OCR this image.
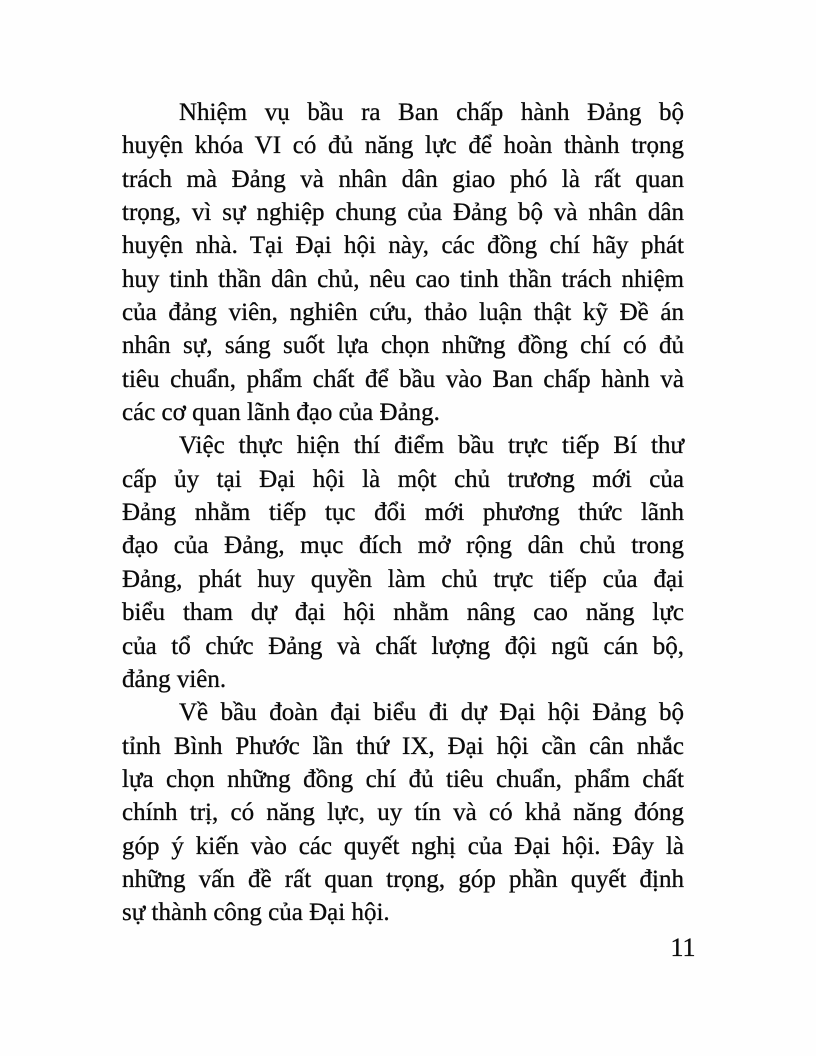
Nhiệm vụ bầu ra Ban chấp hành Đảng bộ
huyện khóa VI có đủ năng lực để hoàn thành trọng
trách mà Đảng và nhân dân giao phó là rất quan
trọng, vì sự nghiệp chung của Đảng bộ và nhân dân
huyện nhà. Tại Đại hội này, các đồng chí hãy phát
huy tinh thần dân chủ, nêu cao tinh thần trách nhiệm
của đảng viên, nghiên cứu, thảo luận thật kỹ Đề án
nhân sự, sáng suốt lựa chọn những đồng chí có đủ
tiêu chuẩn, phẩm chất để bầu vào Ban chấp hành và
các cơ quan lãnh đạo của Đảng.
Việc thực hiện thí điểm bầu trực tiếp Bí thư
cấp ủy tại Đại hội là một chủ trương mới của
Đảng nhằm tiếp tục đổi mới phương thức lãnh
đạo của Đảng, mục đích mở rộng dân chủ trong
Đảng, phát huy quyền làm chủ trực tiếp của đại
biểu tham dự đại hội nhằm nâng cao năng lực
của tổ chức Đảng và chất lượng đội ngũ cán bộ,
đảng viên.
Về bầu đoàn đại biểu đi dự Đại hội Đảng bộ
tỉnh Bình Phước lần thứ IX, Đại hội cần cân nhắc
lựa chọn những đồng chí đủ tiêu chuẩn, phẩm chất
chính trị, có năng lực, uy tín và có khả năng đóng
góp ý kiến vào các quyết nghị của Đại hội. Đây là
những vấn đề rất quan trọng, góp phần quyết định
sự thành công của Đại hội.
11
